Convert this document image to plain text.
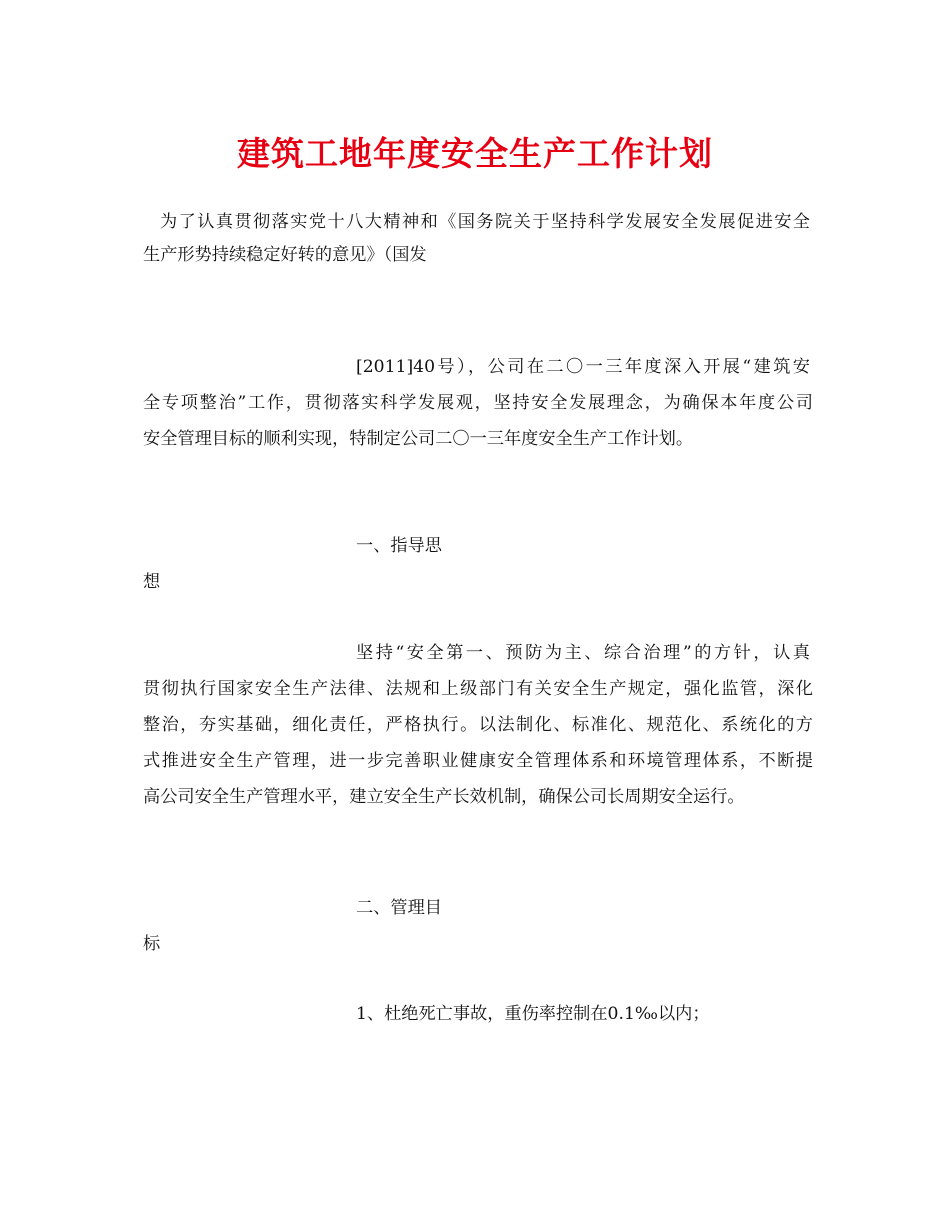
建筑工地年度安全生产工作计划
为了认真贯彻落实党十八大精神和《国务院关于坚持科学发展安全发展促进安全
生产形势持续稳定好转的意见》（国发
[2011]40号），公司在二〇一三年度深入开展“建筑安
全专项整治”工作，贯彻落实科学发展观，坚持安全发展理念，为确保本年度公司
安全管理目标的顺利实现，特制定公司二〇一三年度安全生产工作计划。
一、指导思
想
坚持“安全第一、预防为主、综合治理”的方针，认真
贯彻执行国家安全生产法律、法规和上级部门有关安全生产规定，强化监管，深化
整治，夯实基础，细化责任，严格执行。以法制化、标准化、规范化、系统化的方
式推进安全生产管理，进一步完善职业健康安全管理体系和环境管理体系，不断提
高公司安全生产管理水平，建立安全生产长效机制，确保公司长周期安全运行。
二、管理目
标
1、杜绝死亡事故，重伤率控制在0.1‰以内；
